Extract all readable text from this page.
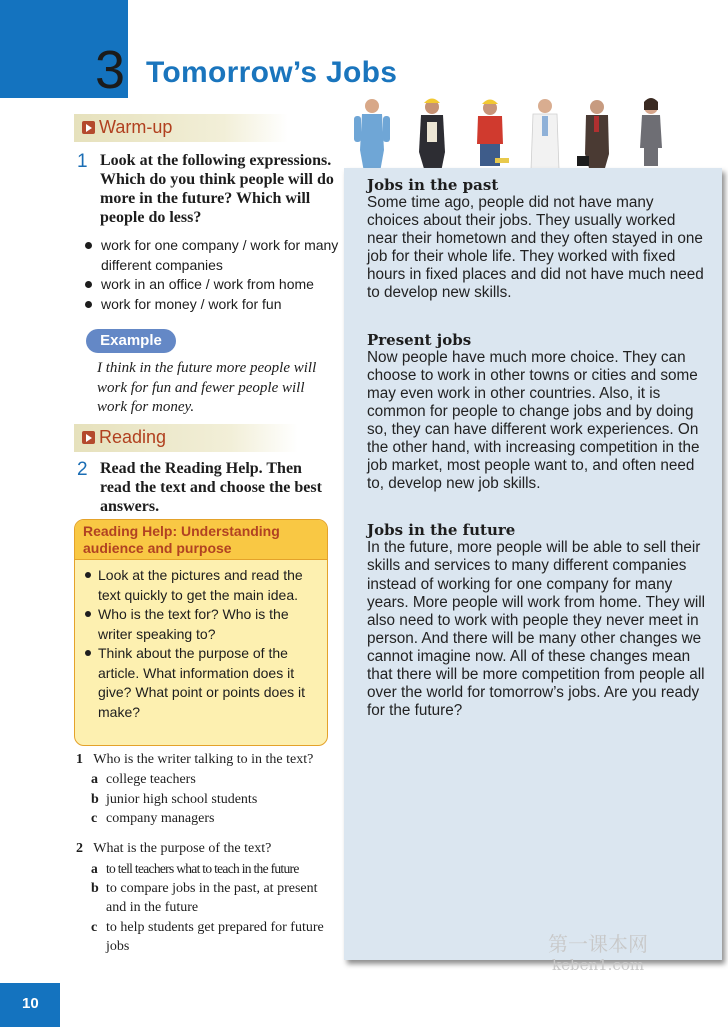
3 Tomorrow’s Jobs
Warm-up
1 Look at the following expressions. Which do you think people will do more in the future? Which will people do less?
work for one company / work for many different companies
work in an office / work from home
work for money / work for fun
Example
I think in the future more people will work for fun and fewer people will work for money.
Reading
2 Read the Reading Help. Then read the text and choose the best answers.
Reading Help: Understanding audience and purpose
Look at the pictures and read the text quickly to get the main idea.
Who is the text for? Who is the writer speaking to?
Think about the purpose of the article. What information does it give? What point or points does it make?
1 Who is the writer talking to in the text?
a college teachers
b junior high school students
c company managers
2 What is the purpose of the text?
a to tell teachers what to teach in the future
b to compare jobs in the past, at present and in the future
c to help students get prepared for future jobs
Jobs in the past
Some time ago, people did not have many choices about their jobs. They usually worked near their hometown and they often stayed in one job for their whole life. They worked with fixed hours in fixed places and did not have much need to develop new skills.
Present jobs
Now people have much more choice. They can choose to work in other towns or cities and some may even work in other countries. Also, it is common for people to change jobs and by doing so, they can have different work experiences. On the other hand, with increasing competition in the job market, most people want to, and often need to, develop new job skills.
Jobs in the future
In the future, more people will be able to sell their skills and services to many different companies instead of working for one company for many years. More people will work from home. They will also need to work with people they never meet in person. And there will be many other changes we cannot imagine now. All of these changes mean that there will be more competition from people all over the world for tomorrow’s jobs. Are you ready for the future?
第一课本网
keben1.com
10
